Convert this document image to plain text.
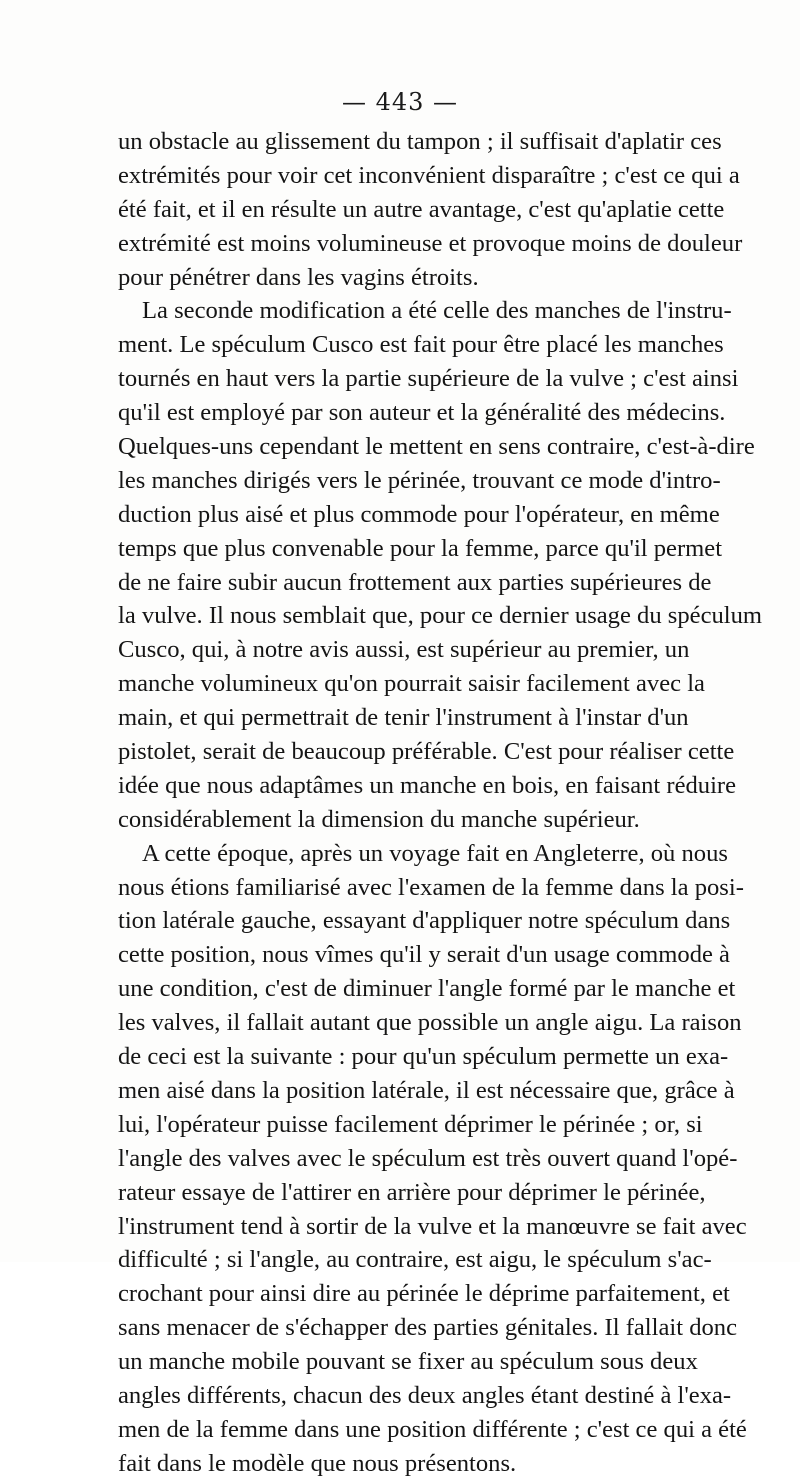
— 443 —
un obstacle au glissement du tampon ; il suffisait d'aplatir ces
extrémités pour voir cet inconvénient disparaître ; c'est ce qui a
été fait, et il en résulte un autre avantage, c'est qu'aplatie cette
extrémité est moins volumineuse et provoque moins de douleur
pour pénétrer dans les vagins étroits.
La seconde modification a été celle des manches de l'instru-
ment. Le spéculum Cusco est fait pour être placé les manches
tournés en haut vers la partie supérieure de la vulve ; c'est ainsi
qu'il est employé par son auteur et la généralité des médecins.
Quelques-uns cependant le mettent en sens contraire, c'est-à-dire
les manches dirigés vers le périnée, trouvant ce mode d'intro-
duction plus aisé et plus commode pour l'opérateur, en même
temps que plus convenable pour la femme, parce qu'il permet
de ne faire subir aucun frottement aux parties supérieures de
la vulve. Il nous semblait que, pour ce dernier usage du spéculum
Cusco, qui, à notre avis aussi, est supérieur au premier, un
manche volumineux qu'on pourrait saisir facilement avec la
main, et qui permettrait de tenir l'instrument à l'instar d'un
pistolet, serait de beaucoup préférable. C'est pour réaliser cette
idée que nous adaptâmes un manche en bois, en faisant réduire
considérablement la dimension du manche supérieur.
A cette époque, après un voyage fait en Angleterre, où nous
nous étions familiarisé avec l'examen de la femme dans la posi-
tion latérale gauche, essayant d'appliquer notre spéculum dans
cette position, nous vîmes qu'il y serait d'un usage commode à
une condition, c'est de diminuer l'angle formé par le manche et
les valves, il fallait autant que possible un angle aigu. La raison
de ceci est la suivante : pour qu'un spéculum permette un exa-
men aisé dans la position latérale, il est nécessaire que, grâce à
lui, l'opérateur puisse facilement déprimer le périnée ; or, si
l'angle des valves avec le spéculum est très ouvert quand l'opé-
rateur essaye de l'attirer en arrière pour déprimer le périnée,
l'instrument tend à sortir de la vulve et la manœuvre se fait avec
difficulté ; si l'angle, au contraire, est aigu, le spéculum s'ac-
crochant pour ainsi dire au périnée le déprime parfaitement, et
sans menacer de s'échapper des parties génitales. Il fallait donc
un manche mobile pouvant se fixer au spéculum sous deux
angles différents, chacun des deux angles étant destiné à l'exa-
men de la femme dans une position différente ; c'est ce qui a été
fait dans le modèle que nous présentons.
